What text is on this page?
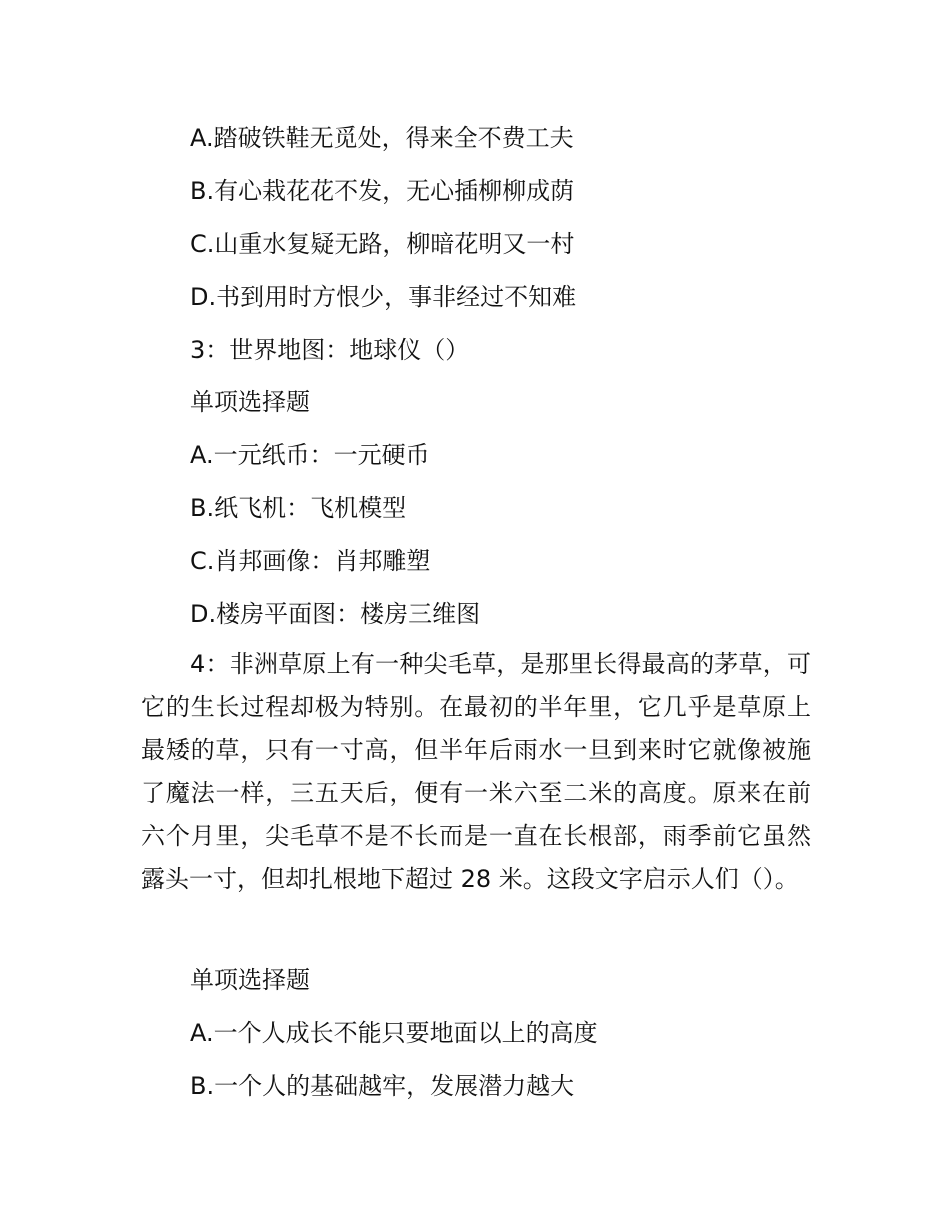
A.踏破铁鞋无觅处，得来全不费工夫
B.有心栽花花不发，无心插柳柳成荫
C.山重水复疑无路，柳暗花明又一村
D.书到用时方恨少，事非经过不知难
3：世界地图：地球仪（）
单项选择题
A.一元纸币：一元硬币
B.纸飞机：飞机模型
C.肖邦画像：肖邦雕塑
D.楼房平面图：楼房三维图

4：非洲草原上有一种尖毛草，是那里长得最高的茅草，可它的生长过程却极为特别。在最初的半年里，它几乎是草原上最矮的草，只有一寸高，但半年后雨水一旦到来时它就像被施了魔法一样，三五天后，便有一米六至二米的高度。原来在前六个月里，尖毛草不是不长而是一直在长根部，雨季前它虽然露头一寸，但却扎根地下超过 28 米。这段文字启示人们（）。

单项选择题
A.一个人成长不能只要地面以上的高度
B.一个人的基础越牢，发展潜力越大
